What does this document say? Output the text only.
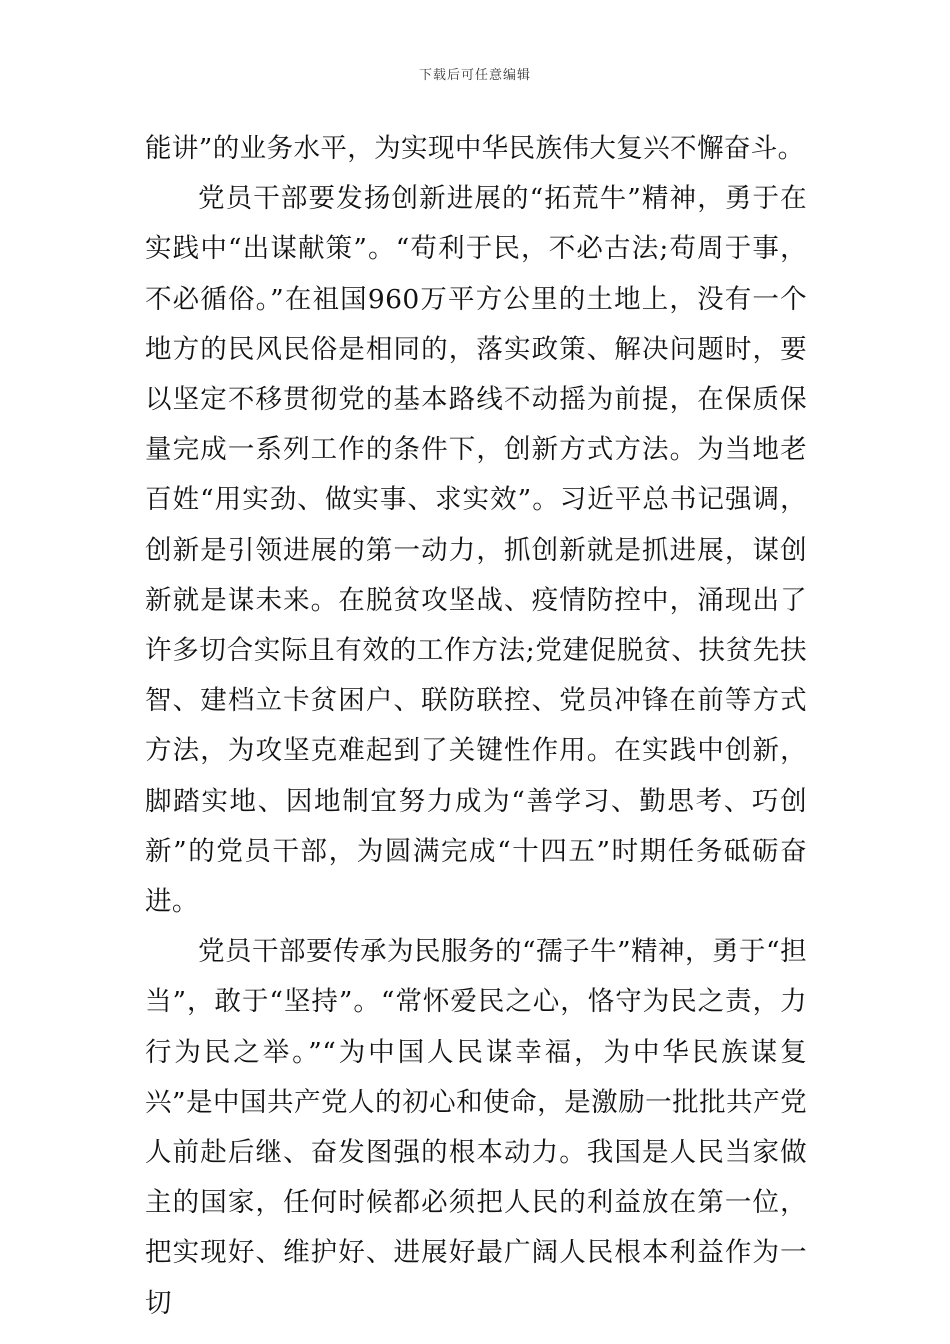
下载后可任意编辑

能讲”的业务水平，为实现中华民族伟大复兴不懈奋斗。

党员干部要发扬创新进展的“拓荒牛”精神，勇于在实践中“出谋献策”。“苟利于民，不必古法;苟周于事，不必循俗。”在祖国960万平方公里的土地上，没有一个地方的民风民俗是相同的，落实政策、解决问题时，要以坚定不移贯彻党的基本路线不动摇为前提，在保质保量完成一系列工作的条件下，创新方式方法。为当地老百姓“用实劲、做实事、求实效”。习近平总书记强调，创新是引领进展的第一动力，抓创新就是抓进展，谋创新就是谋未来。在脱贫攻坚战、疫情防控中，涌现出了许多切合实际且有效的工作方法;党建促脱贫、扶贫先扶智、建档立卡贫困户、联防联控、党员冲锋在前等方式方法，为攻坚克难起到了关键性作用。在实践中创新，脚踏实地、因地制宜努力成为“善学习、勤思考、巧创新”的党员干部，为圆满完成“十四五”时期任务砥砺奋进。

党员干部要传承为民服务的“孺子牛”精神，勇于“担当”，敢于“坚持”。“常怀爱民之心，恪守为民之责，力行为民之举。”“为中国人民谋幸福，为中华民族谋复兴”是中国共产党人的初心和使命，是激励一批批共产党人前赴后继、奋发图强的根本动力。我国是人民当家做主的国家，任何时候都必须把人民的利益放在第一位，把实现好、维护好、进展好最广阔人民根本利益作为一切
